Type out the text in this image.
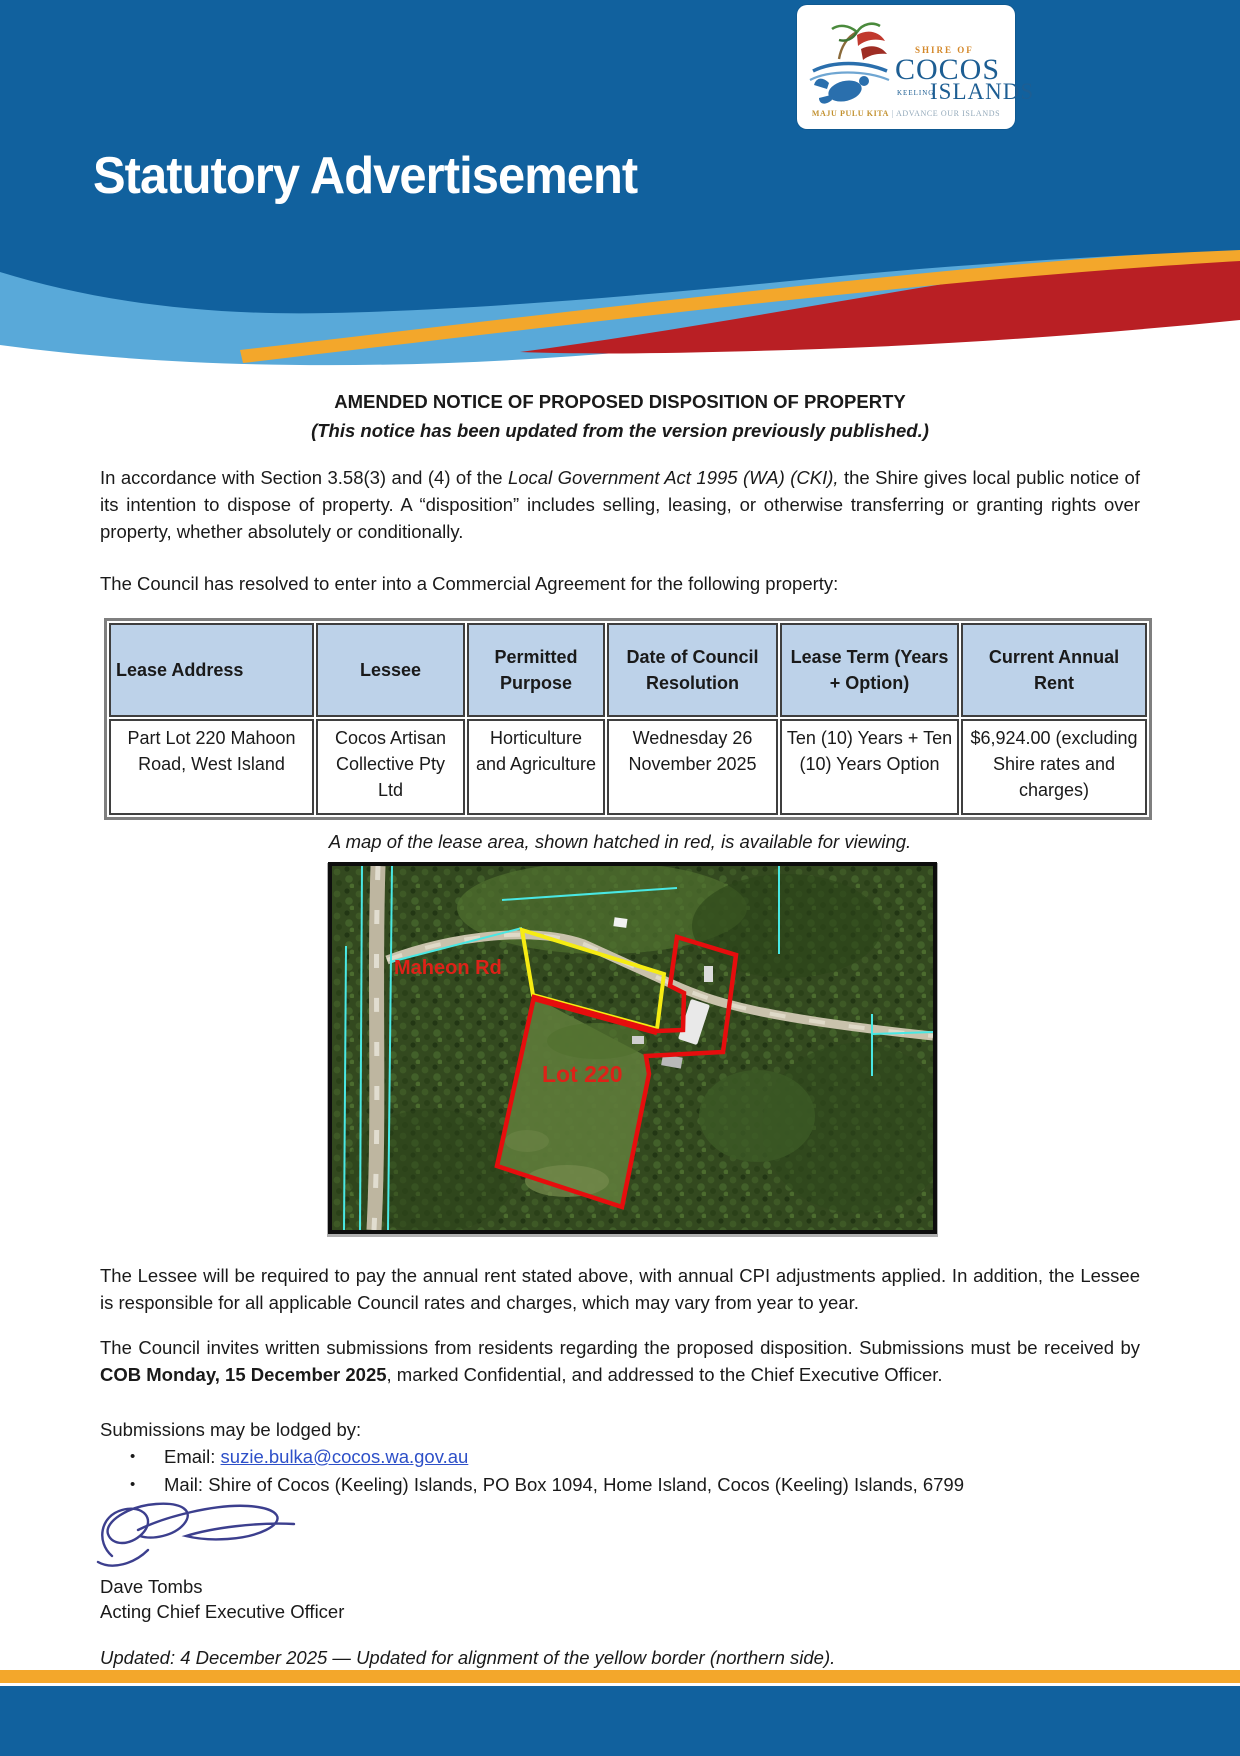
SHIRE OF
COCOS
KEELING
ISLANDS
MAJU PULU KITA | ADVANCE OUR ISLANDS
Statutory Advertisement
AMENDED NOTICE OF PROPOSED DISPOSITION OF PROPERTY
(This notice has been updated from the version previously published.)
In accordance with Section 3.58(3) and (4) of the Local Government Act 1995 (WA) (CKI), the Shire gives local public notice of its intention to dispose of property. A “disposition” includes selling, leasing, or otherwise transferring or granting rights over property, whether absolutely or conditionally.
The Council has resolved to enter into a Commercial Agreement for the following property:
Lease Address	Lessee	Permitted Purpose	Date of Council Resolution	Lease Term (Years + Option)	Current Annual Rent
Part Lot 220 Mahoon Road, West Island	Cocos Artisan Collective Pty Ltd	Horticulture and Agriculture	Wednesday 26 November 2025	Ten (10) Years + Ten (10) Years Option	$6,924.00 (excluding Shire rates and charges)
A map of the lease area, shown hatched in red, is available for viewing.
Maheon Rd
Lot 220
The Lessee will be required to pay the annual rent stated above, with annual CPI adjustments applied. In addition, the Lessee is responsible for all applicable Council rates and charges, which may vary from year to year.
The Council invites written submissions from residents regarding the proposed disposition. Submissions must be received by COB Monday, 15 December 2025, marked Confidential, and addressed to the Chief Executive Officer.
Submissions may be lodged by:
• Email: suzie.bulka@cocos.wa.gov.au
• Mail: Shire of Cocos (Keeling) Islands, PO Box 1094, Home Island, Cocos (Keeling) Islands, 6799
Dave Tombs
Acting Chief Executive Officer
Updated: 4 December 2025 — Updated for alignment of the yellow border (northern side).
